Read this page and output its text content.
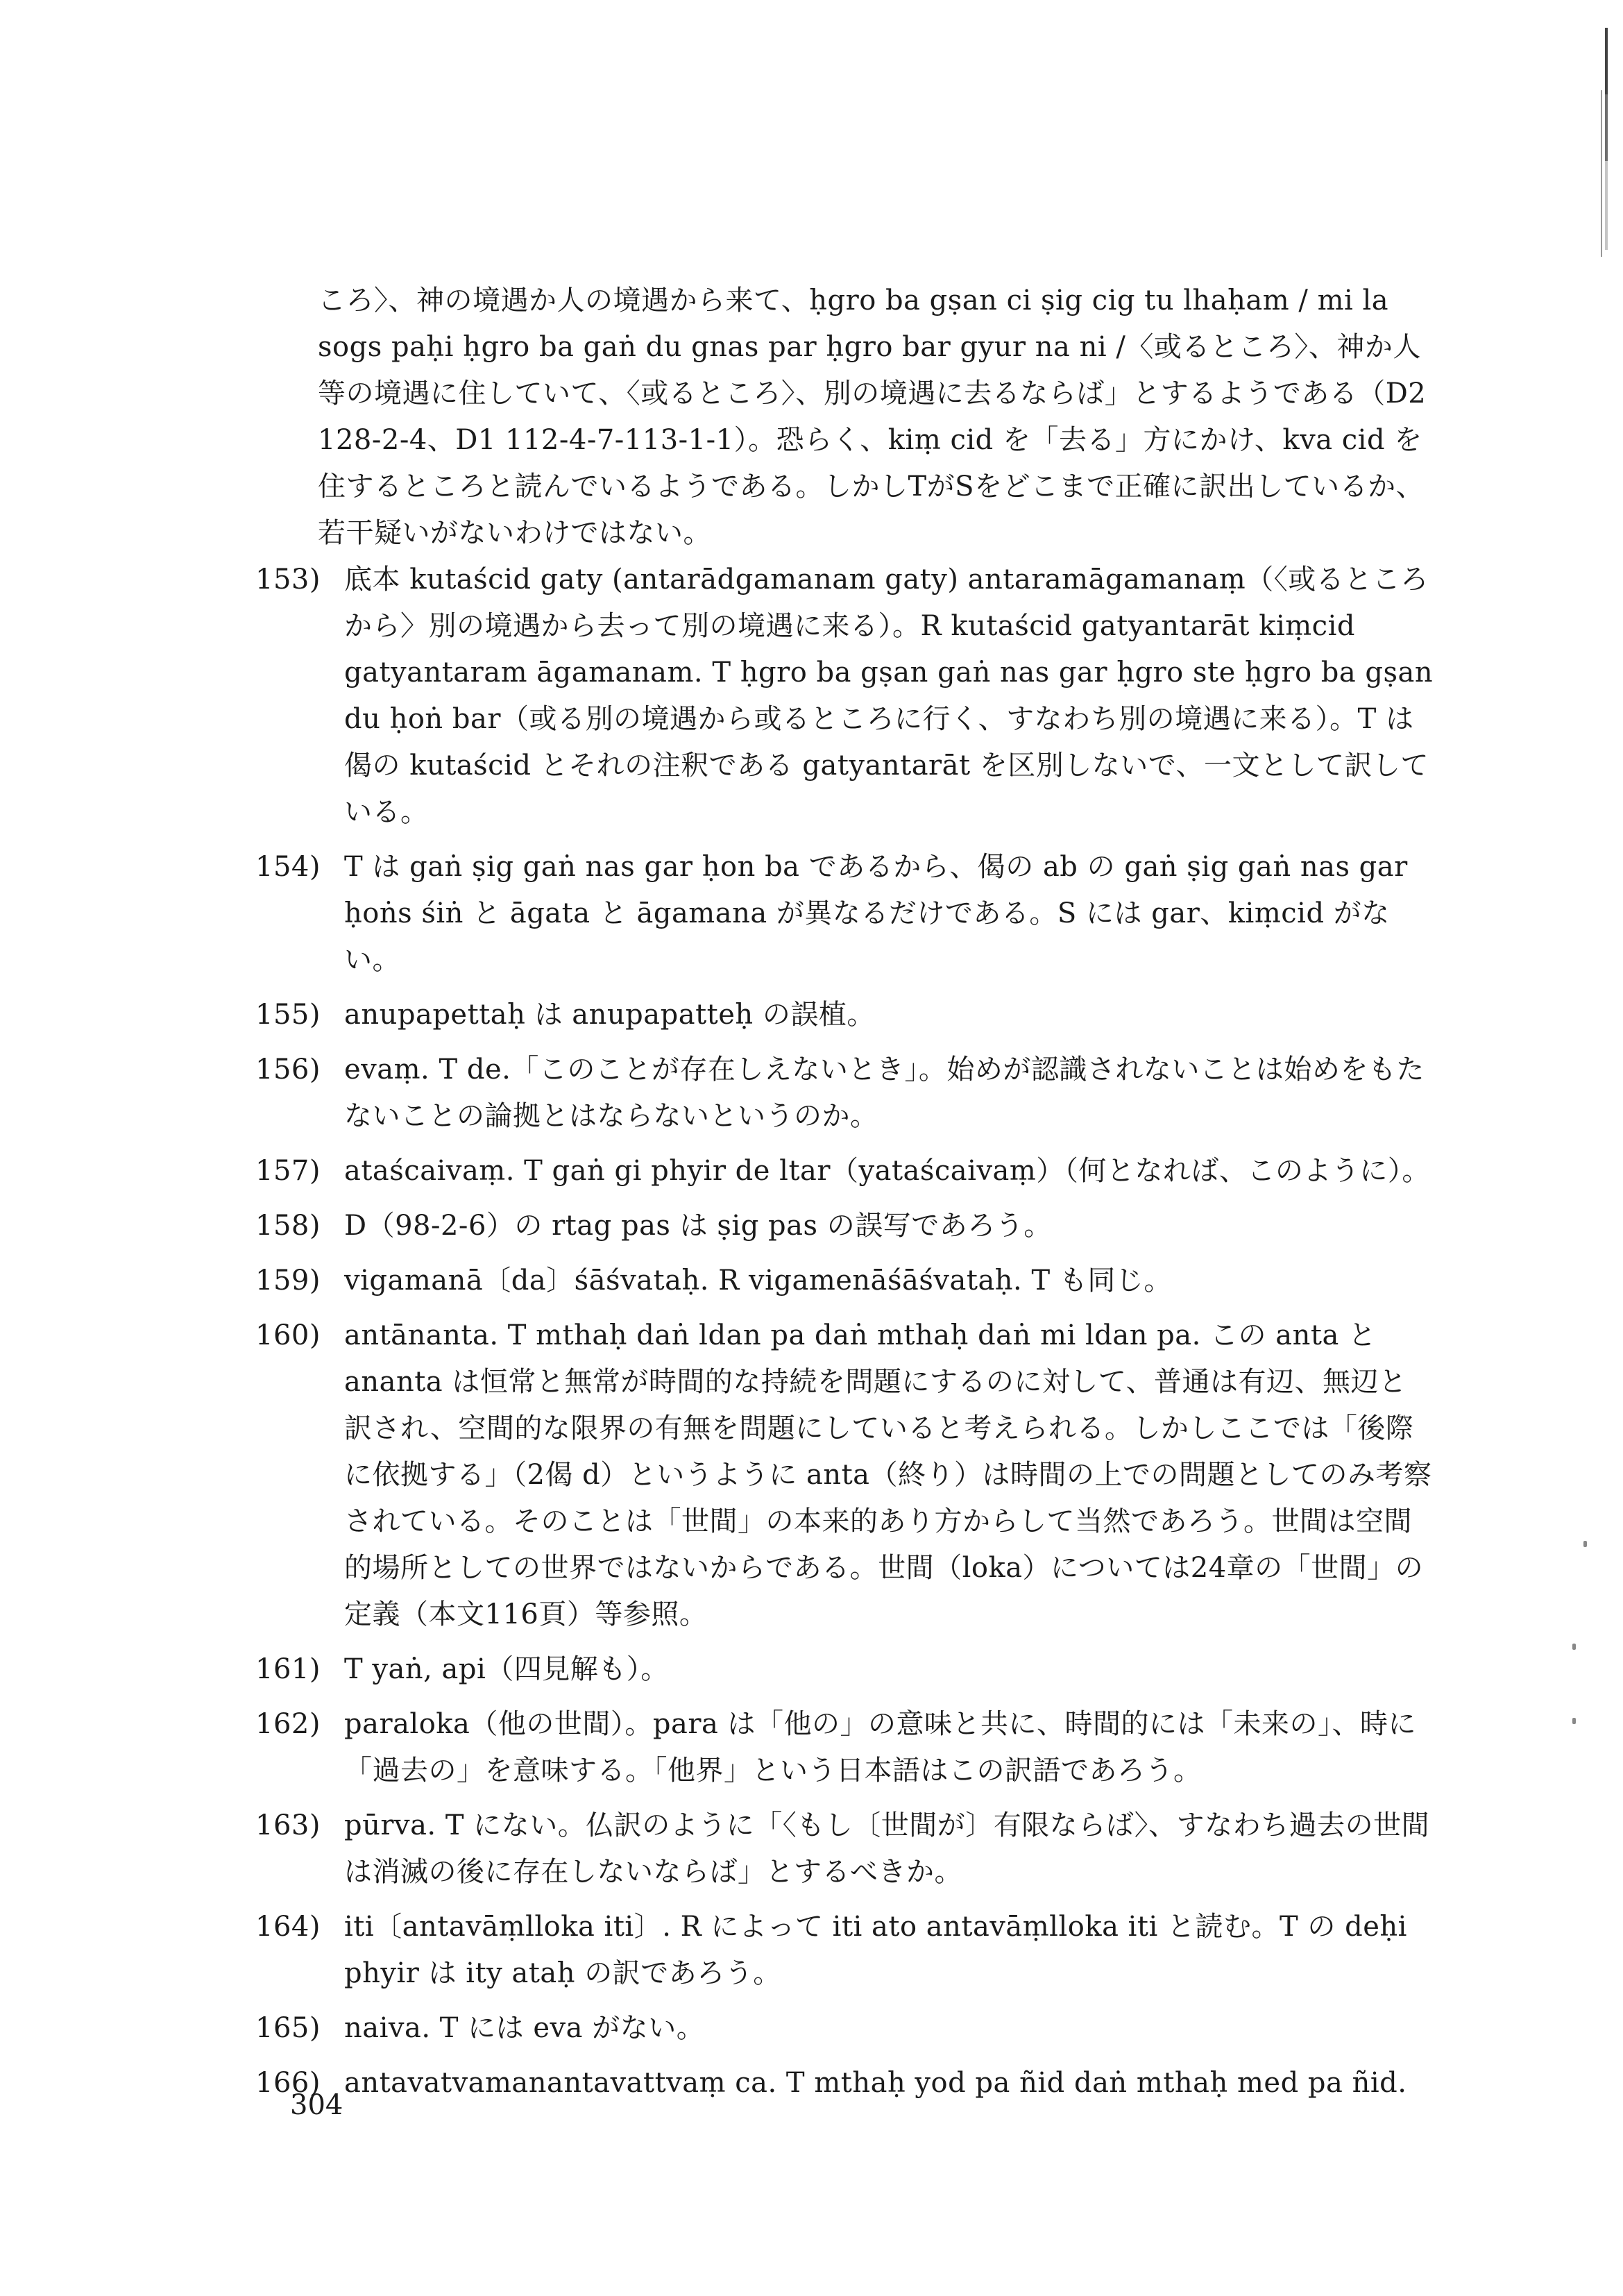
ころ〉、神の境遇か人の境遇から来て、ḥgro ba gṣan ci ṣig cig tu lhaḥam / mi la sogs paḥi ḥgro ba gaṅ du gnas par ḥgro bar gyur na ni /〈或るところ〉、神か人等の境遇に住していて、〈或るところ〉、別の境遇に去るならば」とするようである（D2 128-2-4、D1 112-4-7-113-1-1）。恐らく、kiṃ cid を「去る」方にかけ、kva cid を住するところと読んでいるようである。しかしTがSをどこまで正確に訳出しているか、若干疑いがないわけではない。

153) 底本 kutaścid gaty (antarādgamanam gaty) antaramāgamanaṃ（〈或るところから〉別の境遇から去って別の境遇に来る）。R kutaścid gatyantarāt kiṃcid gatyantaram āgamanam. T ḥgro ba gṣan gaṅ nas gar ḥgro ste ḥgro ba gṣan du ḥoṅ bar（或る別の境遇から或るところに行く、すなわち別の境遇に来る）。T は偈の kutaścid とそれの注釈である gatyantarāt を区別しないで、一文として訳している。

154) T は gaṅ ṣig gaṅ nas gar ḥon ba であるから、偈の ab の gaṅ ṣig gaṅ nas gar ḥoṅs śiṅ と āgata と āgamana が異なるだけである。S には gar、kiṃcid がない。

155) anupapettaḥ は anupapatteḥ の誤植。

156) evaṃ. T de.「このことが存在しえないとき」。始めが認識されないことは始めをもたないことの論拠とはならないというのか。

157) ataścaivaṃ. T gaṅ gi phyir de ltar（yataścaivaṃ）（何となれば、このように）。

158) D（98-2-6）の rtag pas は ṣig pas の誤写であろう。

159) vigamanā〔da〕śāśvataḥ. R vigamenāśāśvataḥ. T も同じ。

160) antānanta. T mthaḥ daṅ ldan pa daṅ mthaḥ daṅ mi ldan pa. この anta と ananta は恒常と無常が時間的な持続を問題にするのに対して、普通は有辺、無辺と訳され、空間的な限界の有無を問題にしていると考えられる。しかしここでは「後際に依拠する」（2偈 d）というように anta（終り）は時間の上での問題としてのみ考察されている。そのことは「世間」の本来的あり方からして当然であろう。世間は空間的場所としての世界ではないからである。世間（loka）については24章の「世間」の定義（本文116頁）等参照。

161) T yaṅ, api（四見解も）。

162) paraloka（他の世間）。para は「他の」の意味と共に、時間的には「未来の」、時に「過去の」を意味する。「他界」という日本語はこの訳語であろう。

163) pūrva. T にない。仏訳のように「〈もし〔世間が〕有限ならば〉、すなわち過去の世間は消滅の後に存在しないならば」とするべきか。

164) iti〔antavāṃlloka iti〕. R によって iti ato antavāṃlloka iti と読む。T の deḥi phyir は ity ataḥ の訳であろう。

165) naiva. T には eva がない。

166) antavatvamanantavattvaṃ ca. T mthaḥ yod pa ñid daṅ mthaḥ med pa ñid.

304
